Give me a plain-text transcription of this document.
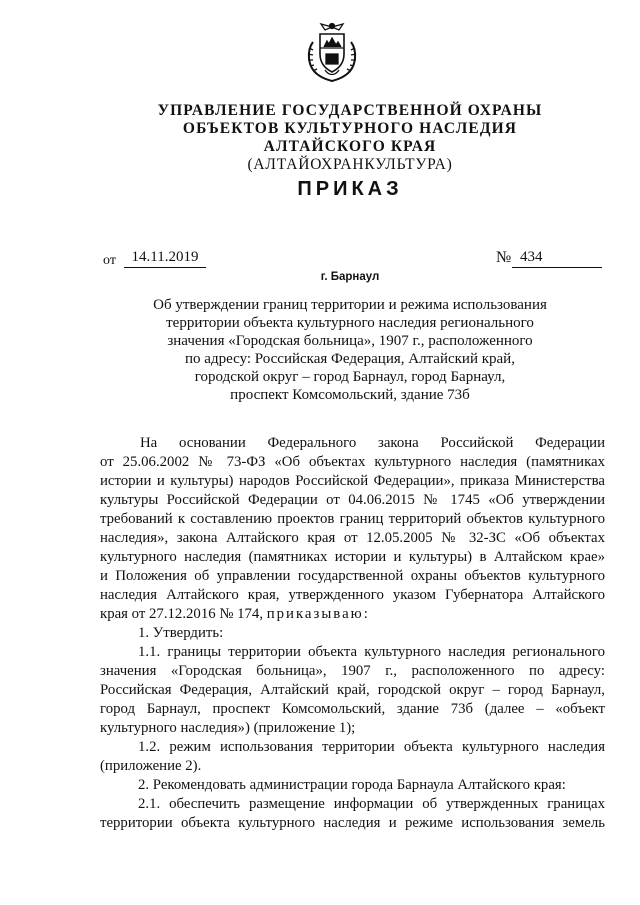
УПРАВЛЕНИЕ ГОСУДАРСТВЕННОЙ ОХРАНЫ
ОБЪЕКТОВ КУЛЬТУРНОГО НАСЛЕДИЯ
АЛТАЙСКОГО КРАЯ
(АЛТАЙОХРАНКУЛЬТУРА)
ПРИКАЗ
от	14.11.2019	№ 434
г. Барнаул
Об утверждении границ территории и режима использования
территории объекта культурного наследия регионального
значения «Городская больница», 1907 г., расположенного
по адресу: Российская Федерация, Алтайский край,
городской округ – город Барнаул, город Барнаул,
проспект Комсомольский, здание 73б
На основании Федерального закона Российской Федерации
от 25.06.2002 № 73-ФЗ «Об объектах культурного наследия (памятниках
истории и культуры) народов Российской Федерации», приказа Министерства
культуры Российской Федерации от 04.06.2015 № 1745 «Об утверждении
требований к составлению проектов границ территорий объектов культурного
наследия», закона Алтайского края от 12.05.2005 № 32-ЗС «Об объектах
культурного наследия (памятниках истории и культуры) в Алтайском крае»
и Положения об управлении государственной охраны объектов культурного
наследия Алтайского края, утвержденного указом Губернатора Алтайского
края от 27.12.2016 № 174, приказываю:
1. Утвердить:
1.1. границы территории объекта культурного наследия регионального
значения «Городская больница», 1907 г., расположенного по адресу:
Российская Федерация, Алтайский край, городской округ – город Барнаул,
город Барнаул, проспект Комсомольский, здание 73б (далее – «объект
культурного наследия») (приложение 1);
1.2. режим использования территории объекта культурного наследия
(приложение 2).
2. Рекомендовать администрации города Барнаула Алтайского края:
2.1. обеспечить размещение информации об утвержденных границах
территории объекта культурного наследия и режиме использования земель
